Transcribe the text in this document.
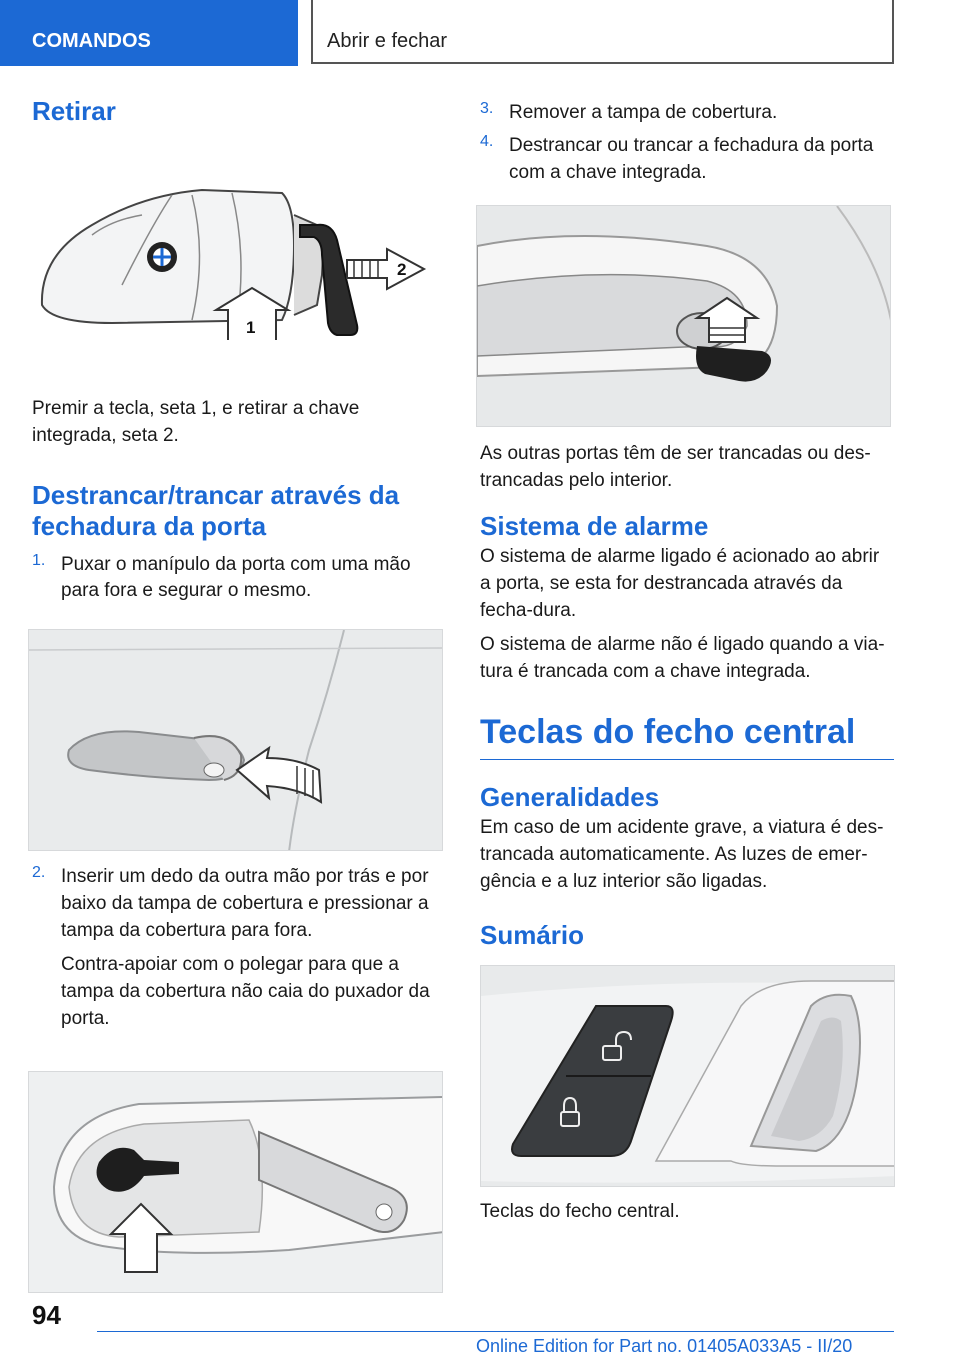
COMANDOS	Abrir e fechar
Retirar
2
1

Premir a tecla, seta 1, e retirar a chave integrada, seta 2.

Destrancar/trancar através da fechadura da porta
1. Puxar o manípulo da porta com uma mão para fora e segurar o mesmo.

2. Inserir um dedo da outra mão por trás e por baixo da tampa de cobertura e pressionar a tampa da cobertura para fora.

Contra-apoiar com o polegar para que a tampa da cobertura não caia do puxador da porta.

3. Remover a tampa de cobertura.

4. Destrancar ou trancar a fechadura da porta com a chave integrada.

As outras portas têm de ser trancadas ou des-trancadas pelo interior.

Sistema de alarme

O sistema de alarme ligado é acionado ao abrir a porta, se esta for destrancada através da fecha-dura.

O sistema de alarme não é ligado quando a via-tura é trancada com a chave integrada.

Teclas do fecho central
Generalidades

Em caso de um acidente grave, a viatura é des-trancada automaticamente. As luzes de emer-gência e a luz interior são ligadas.

Sumário

Teclas do fecho central.

94
Online Edition for Part no. 01405A033A5 - II/20
